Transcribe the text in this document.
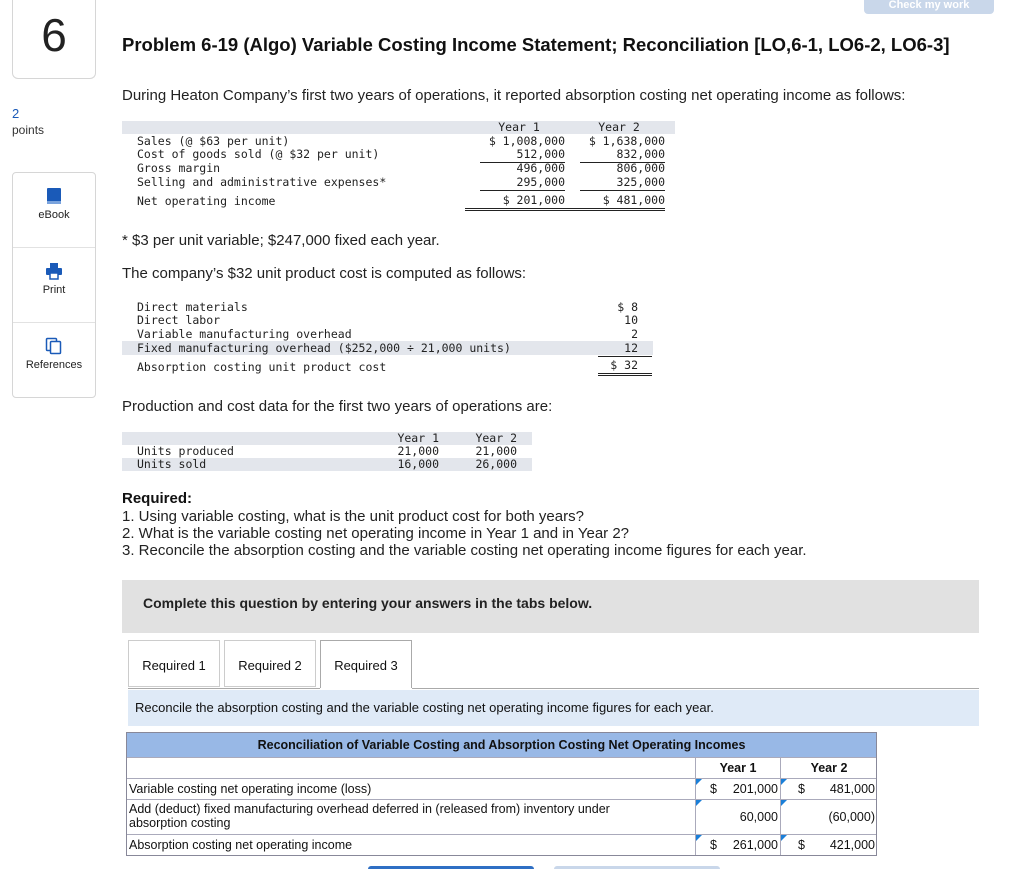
6
Check my work
2
points
eBook
Print
References
Problem 6-19 (Algo) Variable Costing Income Statement; Reconciliation [LO,6-1, LO6-2, LO6-3]
During Heaton Company’s first two years of operations, it reported absorption costing net operating income as follows:
Year 1	Year 2
Sales (@ $63 per unit)	$ 1,008,000	$ 1,638,000
Cost of goods sold (@ $32 per unit)	512,000	832,000
Gross margin	496,000	806,000
Selling and administrative expenses*	295,000	325,000
Net operating income	$ 201,000	$ 481,000
* $3 per unit variable; $247,000 fixed each year.
The company’s $32 unit product cost is computed as follows:
Direct materials	$ 8
Direct labor	10
Variable manufacturing overhead	2
Fixed manufacturing overhead ($252,000 ÷ 21,000 units)	12
Absorption costing unit product cost	$ 32
Production and cost data for the first two years of operations are:
Year 1	Year 2
Units produced	21,000	21,000
Units sold	16,000	26,000
Required:
1. Using variable costing, what is the unit product cost for both years?
2. What is the variable costing net operating income in Year 1 and in Year 2?
3. Reconcile the absorption costing and the variable costing net operating income figures for each year.
Complete this question by entering your answers in the tabs below.
Required 1	Required 2	Required 3
Reconcile the absorption costing and the variable costing net operating income figures for each year.
Reconciliation of Variable Costing and Absorption Costing Net Operating Incomes
Year 1	Year 2
Variable costing net operating income (loss)	$ 201,000 $ 481,000
Add (deduct) fixed manufacturing overhead deferred in (released from) inventory under absorption costing	60,000	(60,000)
Absorption costing net operating income	$ 261,000 $ 421,000
